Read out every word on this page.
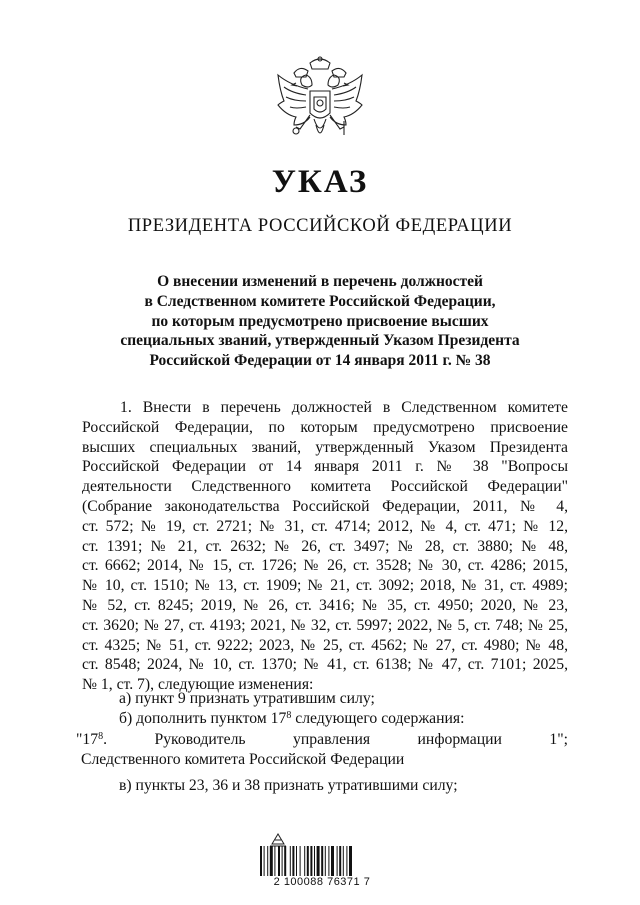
УКАЗ
ПРЕЗИДЕНТА РОССИЙСКОЙ ФЕДЕРАЦИИ
О внесении изменений в перечень должностей
в Следственном комитете Российской Федерации,
по которым предусмотрено присвоение высших
специальных званий, утвержденный Указом Президента
Российской Федерации от 14 января 2011 г. № 38
1. Внести в перечень должностей в Следственном комитете
Российской Федерации, по которым предусмотрено присвоение
высших специальных званий, утвержденный Указом Президента
Российской Федерации от 14 января 2011 г. № 38 "Вопросы
деятельности Следственного комитета Российской Федерации"
(Собрание законодательства Российской Федерации, 2011, № 4,
ст. 572; № 19, ст. 2721; № 31, ст. 4714; 2012, № 4, ст. 471; № 12,
ст. 1391; № 21, ст. 2632; № 26, ст. 3497; № 28, ст. 3880; № 48,
ст. 6662; 2014, № 15, ст. 1726; № 26, ст. 3528; № 30, ст. 4286; 2015,
№ 10, ст. 1510; № 13, ст. 1909; № 21, ст. 3092; 2018, № 31, ст. 4989;
№ 52, ст. 8245; 2019, № 26, ст. 3416; № 35, ст. 4950; 2020, № 23,
ст. 3620; № 27, ст. 4193; 2021, № 32, ст. 5997; 2022, № 5, ст. 748; № 25,
ст. 4325; № 51, ст. 9222; 2023, № 25, ст. 4562; № 27, ст. 4980; № 48,
ст. 8548; 2024, № 10, ст. 1370; № 41, ст. 6138; № 47, ст. 7101; 2025,
№ 1, ст. 7), следующие изменения:
а) пункт 9 признать утратившим силу;
б) дополнить пунктом $17^8$ следующего содержания:
"$17^8$.	Руководитель	управления	информации	1";
Следственного комитета Российской Федерации
в) пункты 23, 36 и 38 признать утратившими силу;
2 100088 76371 7
